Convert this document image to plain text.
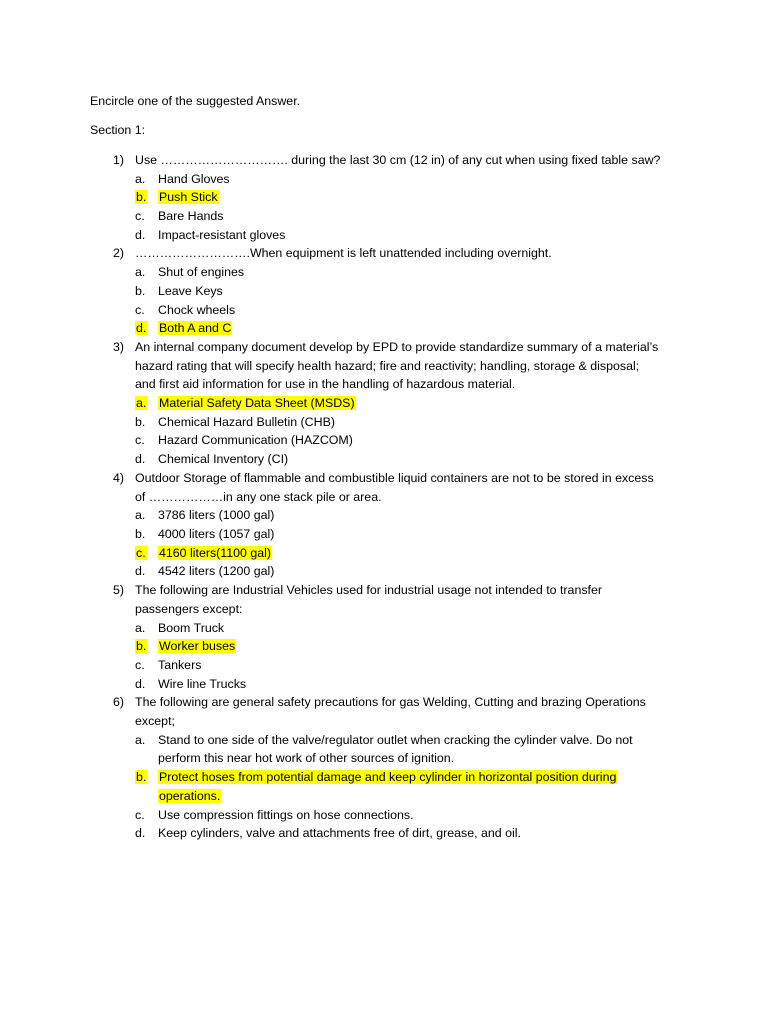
Encircle one of the suggested Answer.
Section 1:
1) Use …………………………. during the last 30 cm (12 in) of any cut when using fixed table saw?
a. Hand Gloves
b. Push Stick
c. Bare Hands
d. Impact-resistant gloves
2) ……………………….When equipment is left unattended including overnight.
a. Shut of engines
b. Leave Keys
c. Chock wheels
d. Both A and C
3) An internal company document develop by EPD to provide standardize summary of a material’s
hazard rating that will specify health hazard; fire and reactivity; handling, storage & disposal;
and first aid information for use in the handling of hazardous material.
a. Material Safety Data Sheet (MSDS)
b. Chemical Hazard Bulletin (CHB)
c. Hazard Communication (HAZCOM)
d. Chemical Inventory (CI)
4) Outdoor Storage of flammable and combustible liquid containers are not to be stored in excess
of ………………in any one stack pile or area.
a. 3786 liters (1000 gal)
b. 4000 liters (1057 gal)
c. 4160 liters(1100 gal)
d. 4542 liters (1200 gal)
5) The following are Industrial Vehicles used for industrial usage not intended to transfer
passengers except:
a. Boom Truck
b. Worker buses
c. Tankers
d. Wire line Trucks
6) The following are general safety precautions for gas Welding, Cutting and brazing Operations
except;
a. Stand to one side of the valve/regulator outlet when cracking the cylinder valve. Do not
perform this near hot work of other sources of ignition.
b. Protect hoses from potential damage and keep cylinder in horizontal position during
operations.
c. Use compression fittings on hose connections.
d. Keep cylinders, valve and attachments free of dirt, grease, and oil.
